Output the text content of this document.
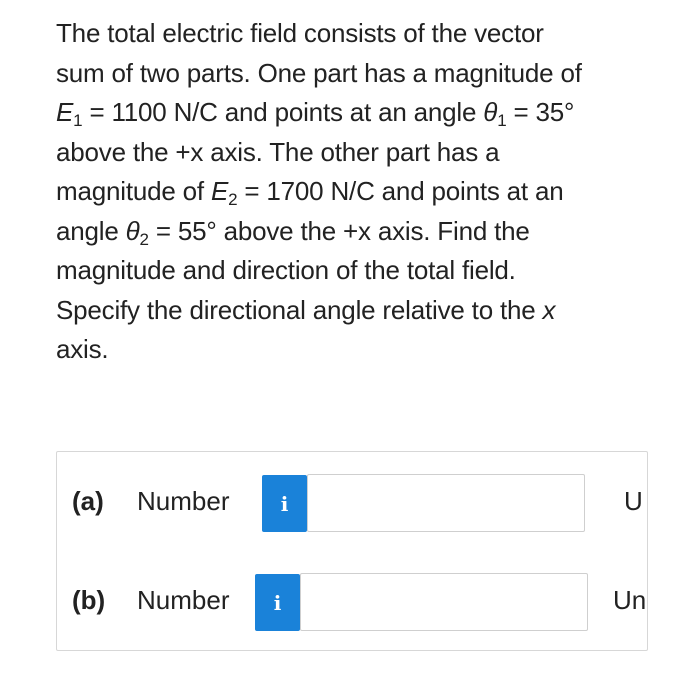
The total electric field consists of the vector
sum of two parts. One part has a magnitude of
$E_1 = 1100$ N/C and points at an angle $\theta_1 = 35^\circ$
above the +x axis. The other part has a
magnitude of $E_2 = 1700$ N/C and points at an
angle $\theta_2 = 55^\circ$ above the +x axis. Find the
magnitude and direction of the total field.
Specify the directional angle relative to the x
axis.
(a) Number	i	U
(b) Number i	Un
